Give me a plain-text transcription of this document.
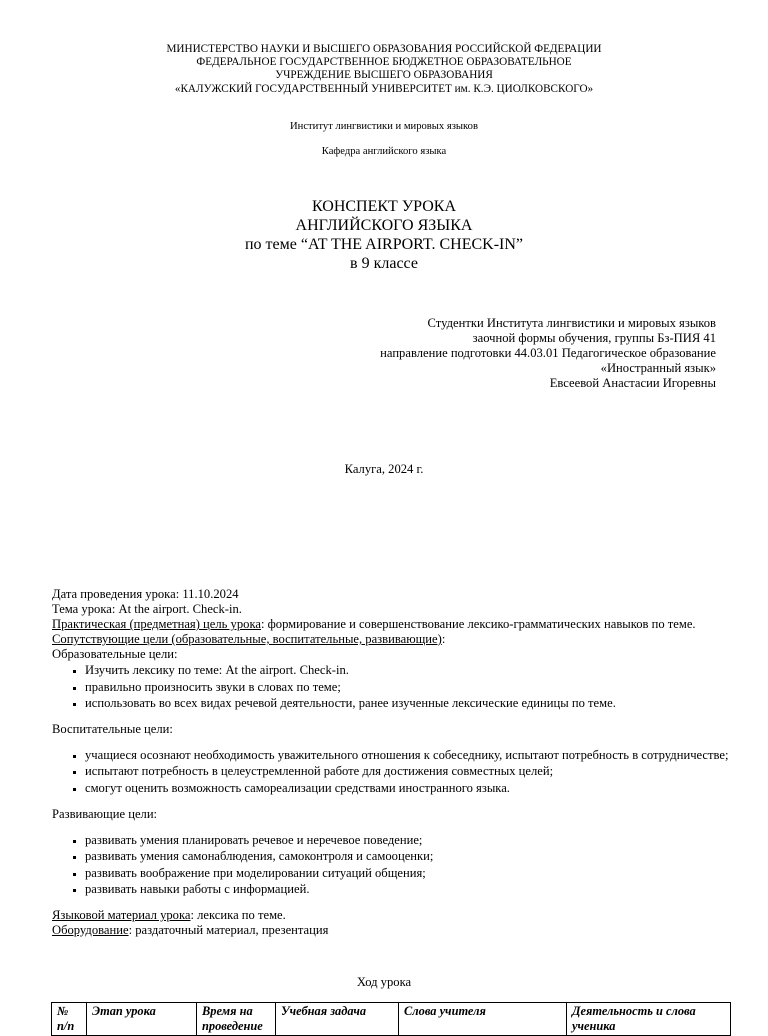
МИНИСТЕРСТВО НАУКИ И ВЫСШЕГО ОБРАЗОВАНИЯ РОССИЙСКОЙ ФЕДЕРАЦИИ
ФЕДЕРАЛЬНОЕ ГОСУДАРСТВЕННОЕ БЮДЖЕТНОЕ ОБРАЗОВАТЕЛЬНОЕ
УЧРЕЖДЕНИЕ ВЫСШЕГО ОБРАЗОВАНИЯ
«КАЛУЖСКИЙ ГОСУДАРСТВЕННЫЙ УНИВЕРСИТЕТ им. К.Э. ЦИОЛКОВСКОГО»
Институт лингвистики и мировых языков
Кафедра английского языка
КОНСПЕКТ УРОКА
АНГЛИЙСКОГО ЯЗЫКА
по теме “AT THE AIRPORT. CHECK-IN”
в 9 классе
Студентки Института лингвистики и мировых языков
заочной формы обучения, группы Бз-ПИЯ 41
направление подготовки 44.03.01 Педагогическое образование
«Иностранный язык»
Евсеевой Анастасии Игоревны
Калуга, 2024 г.

Дата проведения урока: 11.10.2024

Тема урока: At the airport. Check-in.

Практическая (предметная) цель урока: формирование и совершенствование лексико-грамматических навыков по теме.

Сопутствующие цели (образовательные, воспитательные, развивающие):

Образовательные цели:

▪ Изучить лексику по теме: At the airport. Check-in.
▪ правильно произносить звуки в словах по теме;
▪ использовать во всех видах речевой деятельности, ранее изученные лексические единицы по теме.

Воспитательные цели:

▪ учащиеся осознают необходимость уважительного отношения к собеседнику, испытают потребность в сотрудничестве;
▪ испытают потребность в целеустремленной работе для достижения совместных целей;
▪ смогут оценить возможность самореализации средствами иностранного языка.

Развивающие цели:

▪ развивать умения планировать речевое и неречевое поведение;
▪ развивать умения самонаблюдения, самоконтроля и самооценки;
▪ развивать воображение при моделировании ситуаций общения;
▪ развивать навыки работы с информацией.

Языковой материал урока: лексика по теме.

Оборудование: раздаточный материал, презентация

Ход урока
№ п/п	Этап урока	Время на проведение	Учебная задача	Слова учителя	Деятельность и слова ученика
